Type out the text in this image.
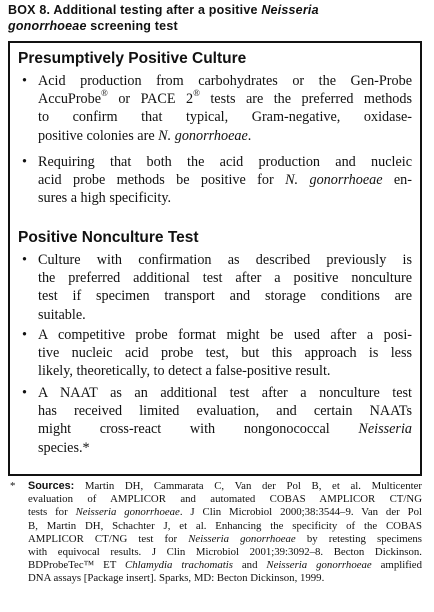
BOX 8. Additional testing after a positive Neisseria
gonorrhoeae screening test
Presumptively Positive Culture
• Acid production from carbohydrates or the Gen-Probe
AccuProbe® or PACE 2® tests are the preferred methods
to confirm that typical, Gram-negative, oxidase-
positive colonies are N. gonorrhoeae.
• Requiring that both the acid production and nucleic
acid probe methods be positive for N. gonorrhoeae en-
sures a high specificity.
Positive Nonculture Test
• Culture with confirmation as described previously is
the preferred additional test after a positive nonculture
test if specimen transport and storage conditions are
suitable.
• A competitive probe format might be used after a posi-
tive nucleic acid probe test, but this approach is less
likely, theoretically, to detect a false-positive result.
• A NAAT as an additional test after a nonculture test
has received limited evaluation, and certain NAATs
might cross-react with nongonococcal Neisseria
species.*
* Sources: Martin DH, Cammarata C, Van der Pol B, et al. Multicenter
evaluation of AMPLICOR and automated COBAS AMPLICOR CT/NG
tests for Neisseria gonorrhoeae. J Clin Microbiol 2000;38:3544–9. Van der Pol
B, Martin DH, Schachter J, et al. Enhancing the specificity of the COBAS
AMPLICOR CT/NG test for Neisseria gonorrhoeae by retesting specimens
with equivocal results. J Clin Microbiol 2001;39:3092–8. Becton Dickinson.
BDProbeTec™ ET Chlamydia trachomatis and Neisseria gonorrhoeae amplified
DNA assays [Package insert]. Sparks, MD: Becton Dickinson, 1999.
